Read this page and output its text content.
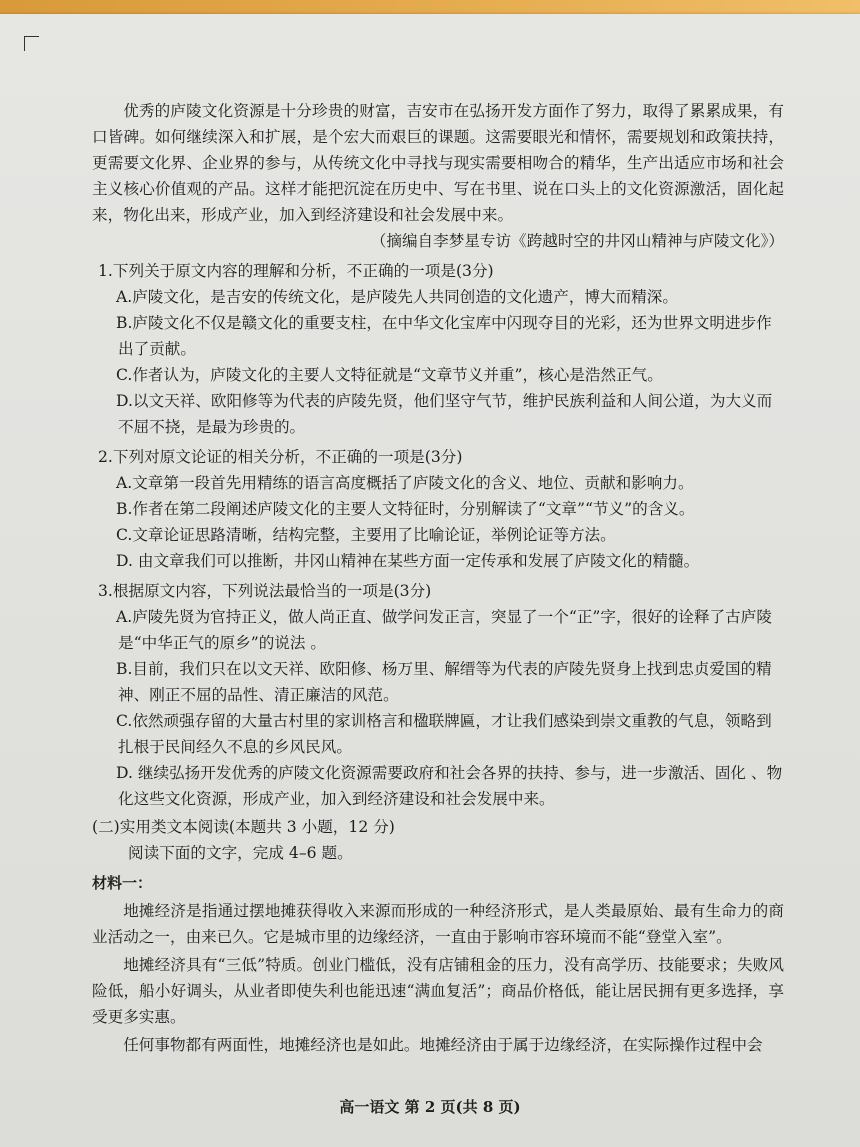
优秀的庐陵文化资源是十分珍贵的财富，吉安市在弘扬开发方面作了努力，取得了累累成果，有口皆碑。如何继续深入和扩展，是个宏大而艰巨的课题。这需要眼光和情怀，需要规划和政策扶持，更需要文化界、企业界的参与，从传统文化中寻找与现实需要相吻合的精华，生产出适应市场和社会主义核心价值观的产品。这样才能把沉淀在历史中、写在书里、说在口头上的文化资源激活，固化起来，物化出来，形成产业，加入到经济建设和社会发展中来。

（摘编自李梦星专访《跨越时空的井冈山精神与庐陵文化》）

1.下列关于原文内容的理解和分析，不正确的一项是(3分)

A.庐陵文化，是吉安的传统文化，是庐陵先人共同创造的文化遗产，博大而精深。

B.庐陵文化不仅是赣文化的重要支柱，在中华文化宝库中闪现夺目的光彩，还为世界文明进步作出了贡献。

C.作者认为，庐陵文化的主要人文特征就是“文章节义并重”，核心是浩然正气。

D.以文天祥、欧阳修等为代表的庐陵先贤，他们坚守气节，维护民族利益和人间公道，为大义而不屈不挠，是最为珍贵的。

2.下列对原文论证的相关分析，不正确的一项是(3分)

A.文章第一段首先用精练的语言高度概括了庐陵文化的含义、地位、贡献和影响力。

B.作者在第二段阐述庐陵文化的主要人文特征时，分别解读了“文章”“节义”的含义。

C.文章论证思路清晰，结构完整，主要用了比喻论证，举例论证等方法。

D. 由文章我们可以推断，井冈山精神在某些方面一定传承和发展了庐陵文化的精髓。

3.根据原文内容，下列说法最恰当的一项是(3分)

A.庐陵先贤为官持正义，做人尚正直、做学问发正言，突显了一个“正”字，很好的诠释了古庐陵是“中华正气的原乡”的说法 。

B.目前，我们只在以文天祥、欧阳修、杨万里、解缙等为代表的庐陵先贤身上找到忠贞爱国的精神、刚正不屈的品性、清正廉洁的风范。

C.依然顽强存留的大量古村里的家训格言和楹联牌匾，才让我们感染到崇文重教的气息，领略到扎根于民间经久不息的乡风民风。

D. 继续弘扬开发优秀的庐陵文化资源需要政府和社会各界的扶持、参与，进一步激活、固化 、物化这些文化资源，形成产业，加入到经济建设和社会发展中来。

(二)实用类文本阅读(本题共 3 小题，12 分)

阅读下面的文字，完成 4–6 题。

材料一：

地摊经济是指通过摆地摊获得收入来源而形成的一种经济形式，是人类最原始、最有生命力的商业活动之一，由来已久。它是城市里的边缘经济，一直由于影响市容环境而不能“登堂入室”。

地摊经济具有“三低”特质。创业门槛低，没有店铺租金的压力，没有高学历、技能要求；失败风险低，船小好调头，从业者即使失利也能迅速“满血复活”；商品价格低，能让居民拥有更多选择，享受更多实惠。

任何事物都有两面性，地摊经济也是如此。地摊经济由于属于边缘经济，在实际操作过程中会

高一语文 第 2 页(共 8 页)
